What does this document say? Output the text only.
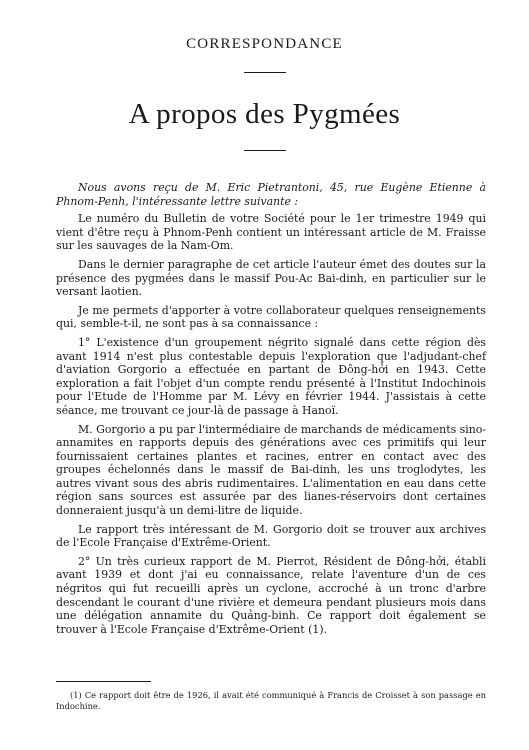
CORRESPONDANCE
A propos des Pygmées

Nous avons reçu de M. Eric Pietrantoni, 45, rue Eugène Etienne à Phnom-Penh, l'intéressante lettre suivante :

Le numéro du Bulletin de votre Société pour le 1er trimestre 1949 qui vient d'être reçu à Phnom-Penh contient un intéressant article de M. Fraisse sur les sauvages de la Nam-Om.

Dans le dernier paragraphe de cet article l'auteur émet des doutes sur la présence des pygmées dans le massif Pou-Ac Bai-dinh, en particulier sur le versant laotien.

Je me permets d'apporter à votre collaborateur quelques renseignements qui, semble-t-il, ne sont pas à sa connaissance :

1° L'existence d'un groupement négrito signalé dans cette région dès avant 1914 n'est plus contestable depuis l'exploration que l'adjudant-chef d'aviation Gorgorio a effectuée en partant de Đông-hởi en 1943. Cette exploration a fait l'objet d'un compte rendu présenté à l'Institut Indochinois pour l'Etude de l'Homme par M. Lévy en février 1944. J'assistais à cette séance, me trouvant ce jour-là de passage à Hanoï.

M. Gorgorio a pu par l'intermédiaire de marchands de médicaments sino-annamites en rapports depuis des générations avec ces primitifs qui leur fournissaient certaines plantes et racines, entrer en contact avec des groupes échelonnés dans le massif de Bai-dinh, les uns troglodytes, les autres vivant sous des abris rudimentaires. L'alimentation en eau dans cette région sans sources est assurée par des lianes-réservoirs dont certaines donneraient jusqu'à un demi-litre de liquide.

Le rapport très intéressant de M. Gorgorio doit se trouver aux archives de l'Ecole Française d'Extrême-Orient.

2° Un très curieux rapport de M. Pierrot, Résident de Đông-hởi, établi avant 1939 et dont j'ai eu connaissance, relate l'aventure d'un de ces négritos qui fut recueilli après un cyclone, accroché à un tronc d'arbre descendant le courant d'une rivière et demeura pendant plusieurs mois dans une délégation annamite du Quảng-binh. Ce rapport doit également se trouver à l'Ecole Française d'Extrême-Orient (1).

(1) Ce rapport doit être de 1926, il avait été communiqué à Francis de Croisset à son passage en Indochine.
